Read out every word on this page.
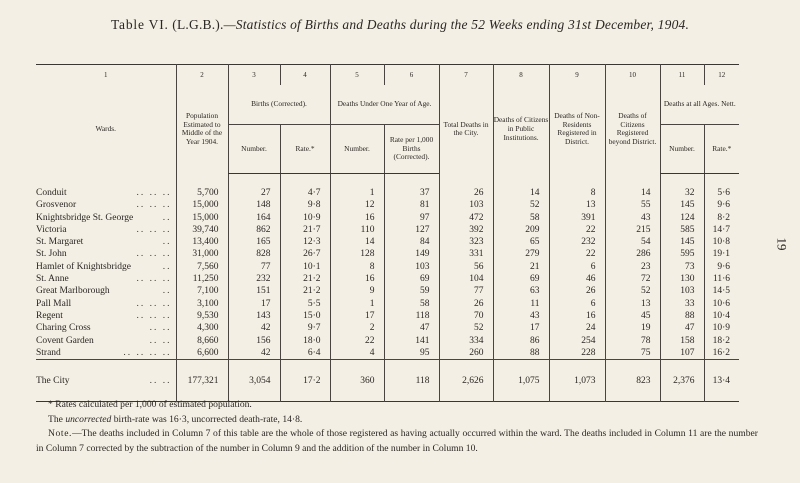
Table VI. (L.G.B.).—Statistics of Births and Deaths during the 52 Weeks ending 31st December, 1904.
19
1	2	3	4	5	6	7	8	9	10	11	12
Wards.	Population Estimated to Middle of the Year 1904.	Births (Corrected).		Deaths Under One Year of Age.		Total Deaths in the City.	Deaths of Citizens in Public Institutions.	Deaths of Non-Residents Registered in District.	Deaths of Citizens Registered beyond District.	Deaths at all Ages. Nett.	
		Number.	Rate.*	Number.	Rate per 1,000 Births (Corrected).					Number.	Rate.*

Conduit .. .. ..	5,700	27	4·7	1	37	26	14	8	14	32	5·6

Grosvenor .. .. ..	15,000	148	9·8	12	81	103	52	13	55	145	9·6

Knightsbridge St. George ..	15,000	164	10·9	16	97	472	58	391	43	124	8·2

Victoria .. .. ..	39,740	862	21·7	110	127	392	209	22	215	585	14·7

St. Margaret ..	13,400	165	12·3	14	84	323	65	232	54	145	10·8

St. John .. .. ..	31,000	828	26·7	128	149	331	279	22	286	595	19·1

Hamlet of Knightsbridge ..	7,560	77	10·1	8	103	56	21	6	23	73	9·6

St. Anne .. .. ..	11,250	232	21·2	16	69	104	69	46	72	130	11·6

Great Marlborough ..	7,100	151	21·2	9	59	77	63	26	52	103	14·5

Pall Mall .. .. ..	3,100	17	5·5	1	58	26	11	6	13	33	10·6

Regent .. .. ..	9,530	143	15·0	17	118	70	43	16	45	88	10·4

Charing Cross .. ..	4,300	42	9·7	2	47	52	17	24	19	47	10·9

Covent Garden .. ..	8,660	156	18·0	22	141	334	86	254	78	158	18·2

Strand .. .. .. ..	6,600	42	6·4	4	95	260	88	228	75	107	16·2

The City .. ..	177,321	3,054	17·2	360	118	2,626	1,075	1,073	823	2,376	13·4

* Rates calculated per 1,000 of estimated population.

The uncorrected birth-rate was 16·3, uncorrected death-rate, 14·8.

Note.—The deaths included in Column 7 of this table are the whole of those registered as having actually occurred within the ward. The deaths included in Column 11 are the number in Column 7 corrected by the subtraction of the number in Column 9 and the addition of the number in Column 10.
